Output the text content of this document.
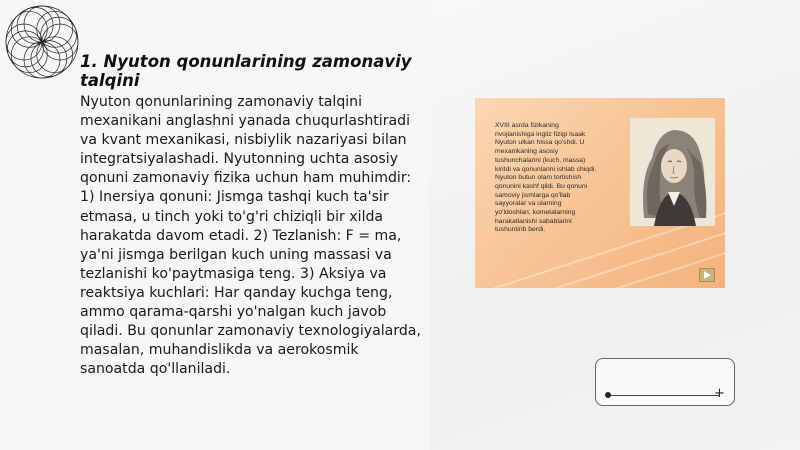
1. Nyuton qonunlarining zamonaviy talqini
Nyuton qonunlarining zamonaviy talqini mexanikani anglashni yanada chuqurlashtiradi va kvant mexanikasi, nisbiylik nazariyasi bilan integratsiyalashadi. Nyutonning uchta asosiy qonuni zamonaviy fizika uchun ham muhimdir: 1) Inersiya qonuni: Jismga tashqi kuch ta'sir etmasa, u tinch yoki to'g'ri chiziqli bir xilda harakatda davom etadi. 2) Tezlanish: F = ma, ya'ni jismga berilgan kuch uning massasi va tezlanishi ko'paytmasiga teng. 3) Aksiya va reaktsiya kuchlari: Har qanday kuchga teng, ammo qarama-qarshi yo'nalgan kuch javob qiladi. Bu qonunlar zamonaviy texnologiyalarda, masalan, muhandislikda va aerokosmik sanoatda qo'llaniladi.
XVIII asrda fizikaning
rivojlanishiga ingliz fizigi Isaak
Nyuton ulkan hissa qo'shdi. U
mexanikaning asosiy
tushunchalarini (kuch, massa)
kiritdi va qonunlarini ishlab chiqdi.
Nyuton butun olam tortishish
qonunini kashf qildi. Bu qonuni
samoviy jismlarga qo'llab
sayyoralar va ularning
yo'ldoshlari, kometalarning
harakatlanishi sabablarini
tushuntirib berdi.
+
